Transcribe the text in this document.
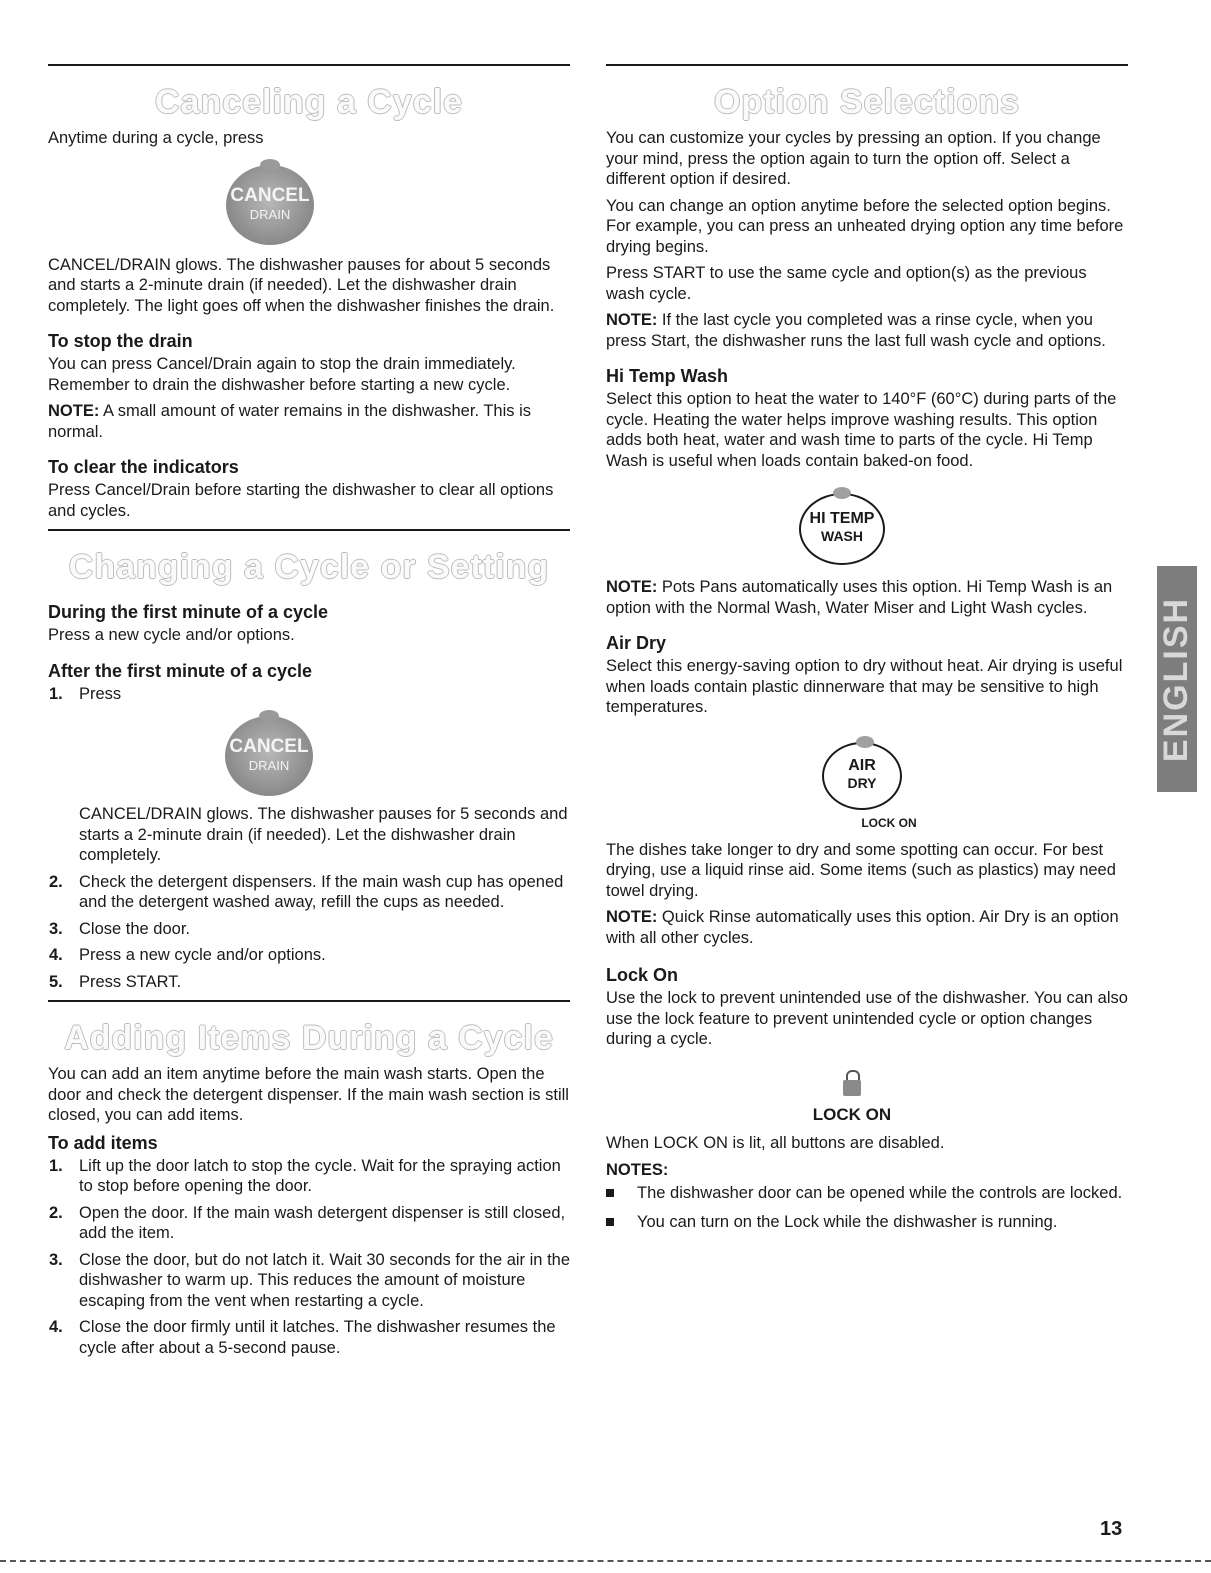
Canceling a Cycle

Anytime during a cycle, press

CANCEL
DRAIN

CANCEL/DRAIN glows. The dishwasher pauses for about 5 seconds and starts a 2-minute drain (if needed). Let the dishwasher drain completely. The light goes off when the dishwasher finishes the drain.

To stop the drain

You can press Cancel/Drain again to stop the drain immediately. Remember to drain the dishwasher before starting a new cycle.

NOTE: A small amount of water remains in the dishwasher. This is normal.

To clear the indicators

Press Cancel/Drain before starting the dishwasher to clear all options and cycles.

Changing a Cycle or Setting
During the first minute of a cycle

Press a new cycle and/or options.

After the first minute of a cycle
1. Press
CANCEL
DRAIN

CANCEL/DRAIN glows. The dishwasher pauses for 5 seconds and starts a 2-minute drain (if needed). Let the dishwasher drain completely.

2. Check the detergent dispensers. If the main wash cup has opened and the detergent washed away, refill the cups as needed.
3. Close the door.
4. Press a new cycle and/or options.
5. Press START.
Adding Items During a Cycle

You can add an item anytime before the main wash starts. Open the door and check the detergent dispenser. If the main wash section is still closed, you can add items.

To add items
1. Lift up the door latch to stop the cycle. Wait for the spraying action to stop before opening the door.
2. Open the door. If the main wash detergent dispenser is still closed, add the item.
3. Close the door, but do not latch it. Wait 30 seconds for the air in the dishwasher to warm up. This reduces the amount of moisture escaping from the vent when restarting a cycle.
4. Close the door firmly until it latches. The dishwasher resumes the cycle after about a 5-second pause.
Option Selections

You can customize your cycles by pressing an option. If you change your mind, press the option again to turn the option off. Select a different option if desired.

You can change an option anytime before the selected option begins. For example, you can press an unheated drying option any time before drying begins.

Press START to use the same cycle and option(s) as the previous wash cycle.

NOTE: If the last cycle you completed was a rinse cycle, when you press Start, the dishwasher runs the last full wash cycle and options.

Hi Temp Wash

Select this option to heat the water to 140°F (60°C) during parts of the cycle. Heating the water helps improve washing results. This option adds both heat, water and wash time to parts of the cycle. Hi Temp Wash is useful when loads contain baked-on food.

HI TEMP
WASH

NOTE: Pots Pans automatically uses this option. Hi Temp Wash is an option with the Normal Wash, Water Miser and Light Wash cycles.

Air Dry

Select this energy-saving option to dry without heat. Air drying is useful when loads contain plastic dinnerware that may be sensitive to high temperatures.

AIR
DRY
LOCK ON

The dishes take longer to dry and some spotting can occur. For best drying, use a liquid rinse aid. Some items (such as plastics) may need towel drying.

NOTE: Quick Rinse automatically uses this option. Air Dry is an option with all other cycles.

Lock On

Use the lock to prevent unintended use of the dishwasher. You can also use the lock feature to prevent unintended cycle or option changes during a cycle.

LOCK ON

When LOCK ON is lit, all buttons are disabled.

NOTES:
The dishwasher door can be opened while the controls are locked.
You can turn on the Lock while the dishwasher is running.
ENGLISH
13
